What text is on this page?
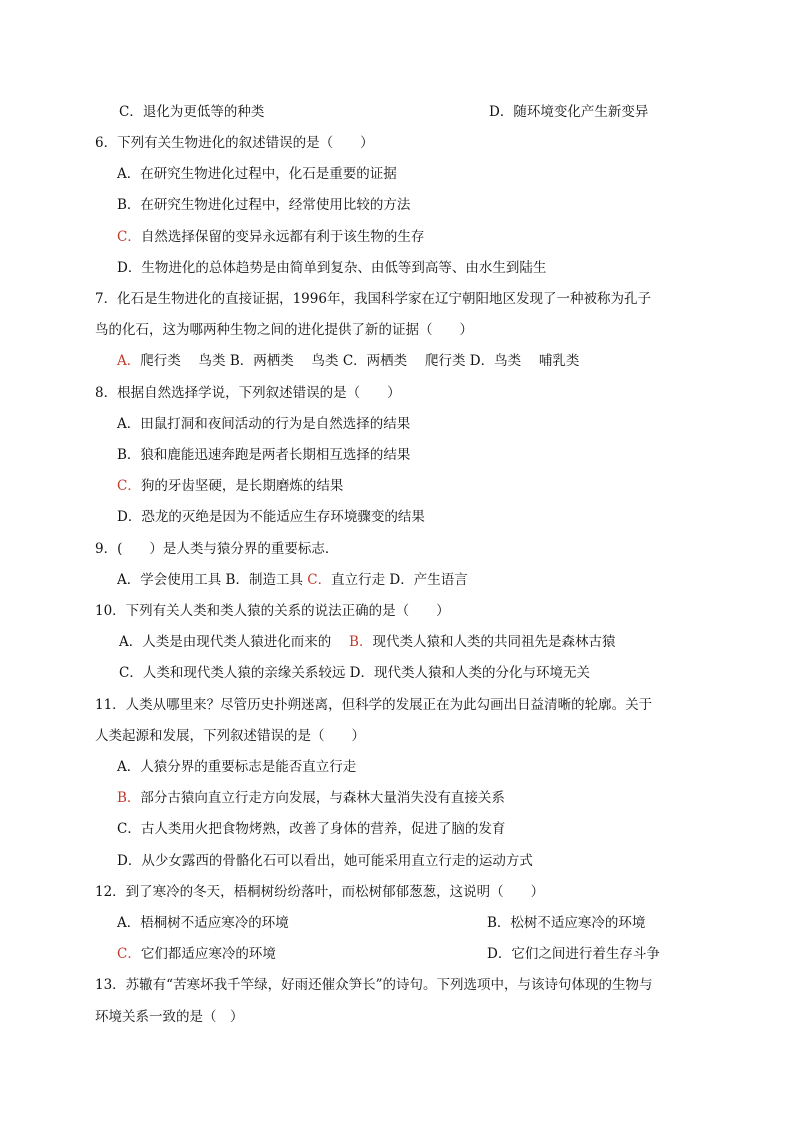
C．退化为更低等的种类	D．随环境变化产生新变异
6．下列有关生物进化的叙述错误的是（　　）
A．在研究生物进化过程中，化石是重要的证据
B．在研究生物进化过程中，经常使用比较的方法
C．自然选择保留的变异永远都有利于该生物的生存
D．生物进化的总体趋势是由简单到复杂、由低等到高等、由水生到陆生
7．化石是生物进化的直接证据，1996年，我国科学家在辽宁朝阳地区发现了一种被称为孔子
鸟的化石，这为哪两种生物之间的进化提供了新的证据（　　）
A．爬行类　 鸟类 B．两栖类　 鸟类 C．两栖类　 爬行类 D．鸟类　 哺乳类
8．根据自然选择学说，下列叙述错误的是（　　）
A．田鼠打洞和夜间活动的行为是自然选择的结果
B．狼和鹿能迅速奔跑是两者长期相互选择的结果
C．狗的牙齿坚硬，是长期磨炼的结果
D．恐龙的灭绝是因为不能适应生存环境骤变的结果
9．(　　）是人类与猿分界的重要标志．
A．学会使用工具 B．制造工具 C．直立行走 D．产生语言
10．下列有关人类和类人猿的关系的说法正确的是（　　）
A．人类是由现代类人猿进化而来的　 B．现代类人猿和人类的共同祖先是森林古猿
C．人类和现代类人猿的亲缘关系较远 D．现代类人猿和人类的分化与环境无关
11．人类从哪里来？尽管历史扑朔迷离，但科学的发展正在为此勾画出日益清晰的轮廓。关于
人类起源和发展，下列叙述错误的是（　　）
A．人猿分界的重要标志是能否直立行走
B．部分古猿向直立行走方向发展，与森林大量消失没有直接关系
C．古人类用火把食物烤熟，改善了身体的营养，促进了脑的发育
D．从少女露西的骨骼化石可以看出，她可能采用直立行走的运动方式
12．到了寒冷的冬天，梧桐树纷纷落叶，而松树郁郁葱葱，这说明（　　）
A．梧桐树不适应寒冷的环境	B．松树不适应寒冷的环境
C．它们都适应寒冷的环境	D．它们之间进行着生存斗争
13．苏辙有“苦寒坏我千竿绿，好雨还催众笋长”的诗句。下列选项中，与该诗句体现的生物与
环境关系一致的是（　）
